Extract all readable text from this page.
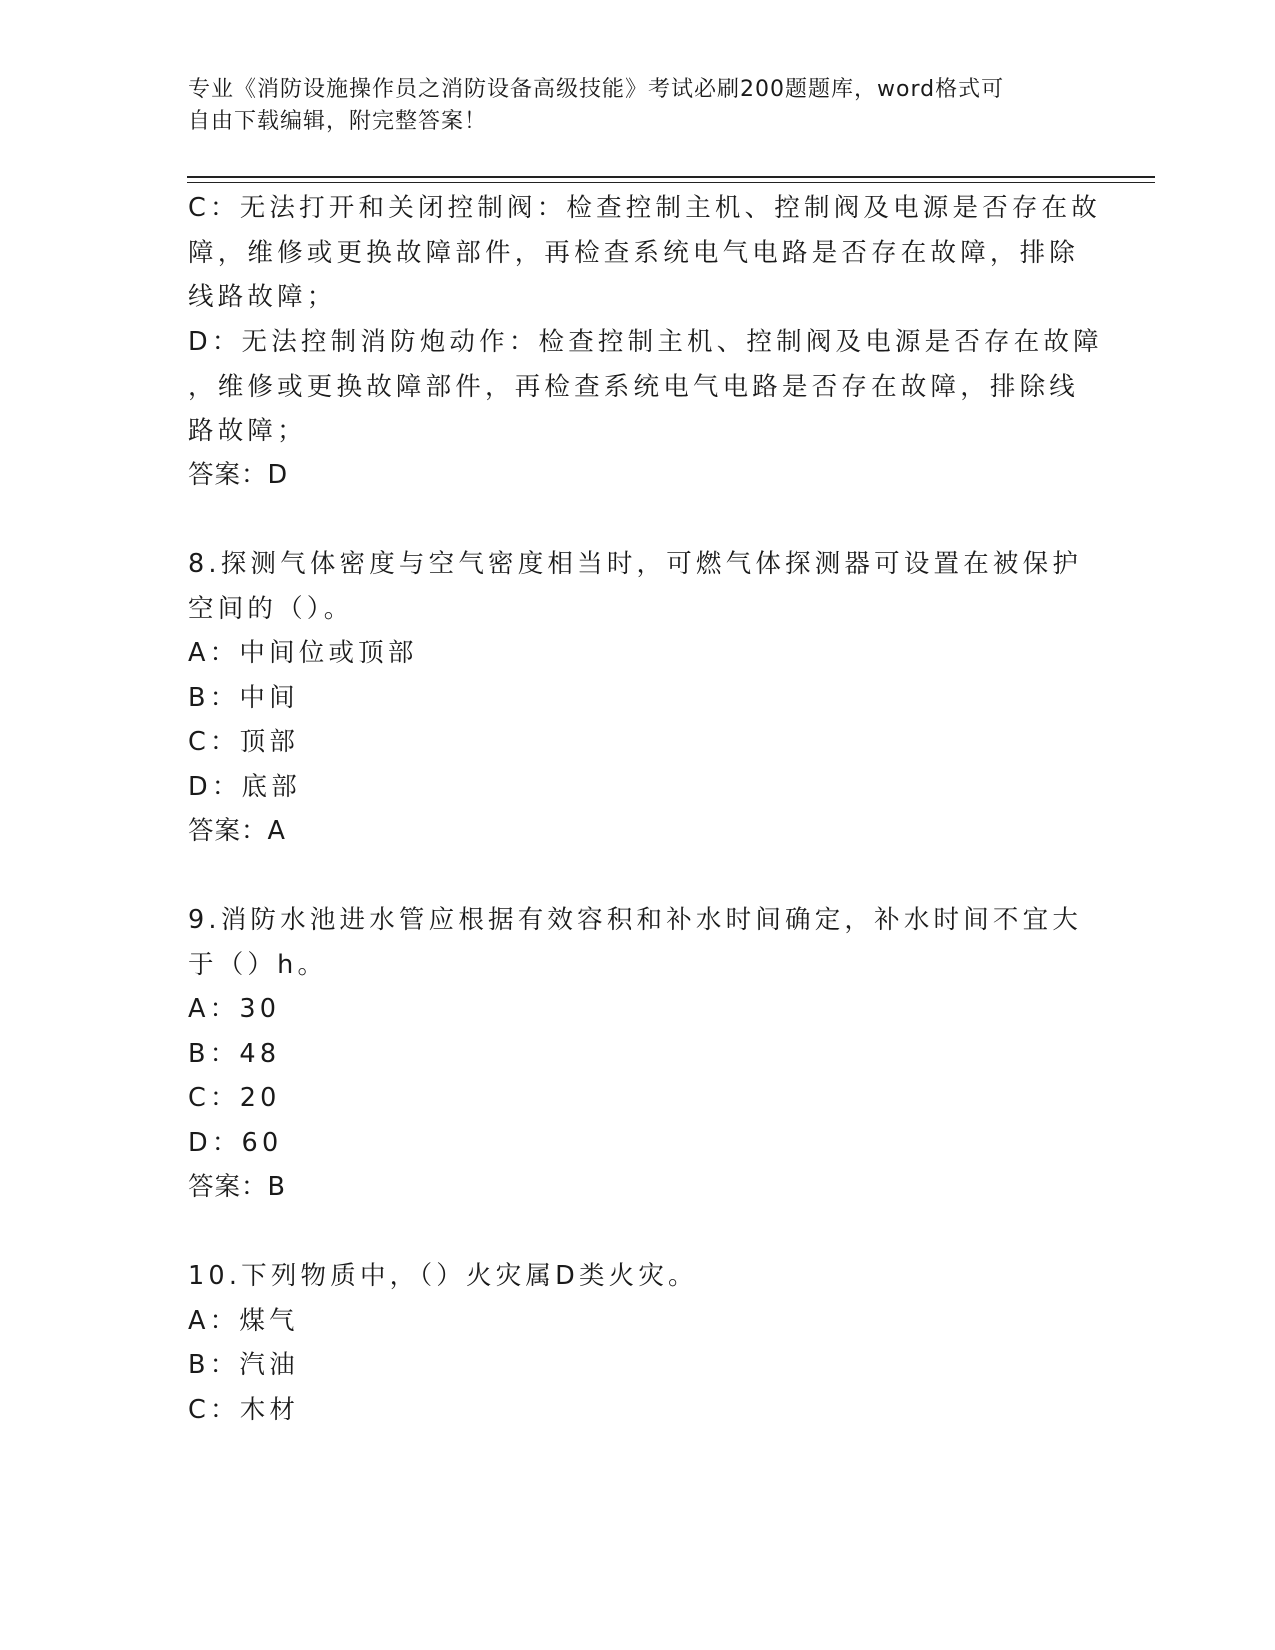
专业《消防设施操作员之消防设备高级技能》考试必刷200题题库，word格式可
自由下载编辑，附完整答案！
C：无法打开和关闭控制阀：检查控制主机、控制阀及电源是否存在故
障，维修或更换故障部件，再检查系统电气电路是否存在故障，排除
线路故障；
D：无法控制消防炮动作：检查控制主机、控制阀及电源是否存在故障
，维修或更换故障部件，再检查系统电气电路是否存在故障，排除线
路故障；
答案：D
8.探测气体密度与空气密度相当时，可燃气体探测器可设置在被保护
空间的（）。
A：中间位或顶部
B：中间
C：顶部
D：底部
答案：A
9.消防水池进水管应根据有效容积和补水时间确定，补水时间不宜大
于（）h。
A：30
B：48
C：20
D：60
答案：B
10.下列物质中，（）火灾属D类火灾。
A：煤气
B：汽油
C：木材
